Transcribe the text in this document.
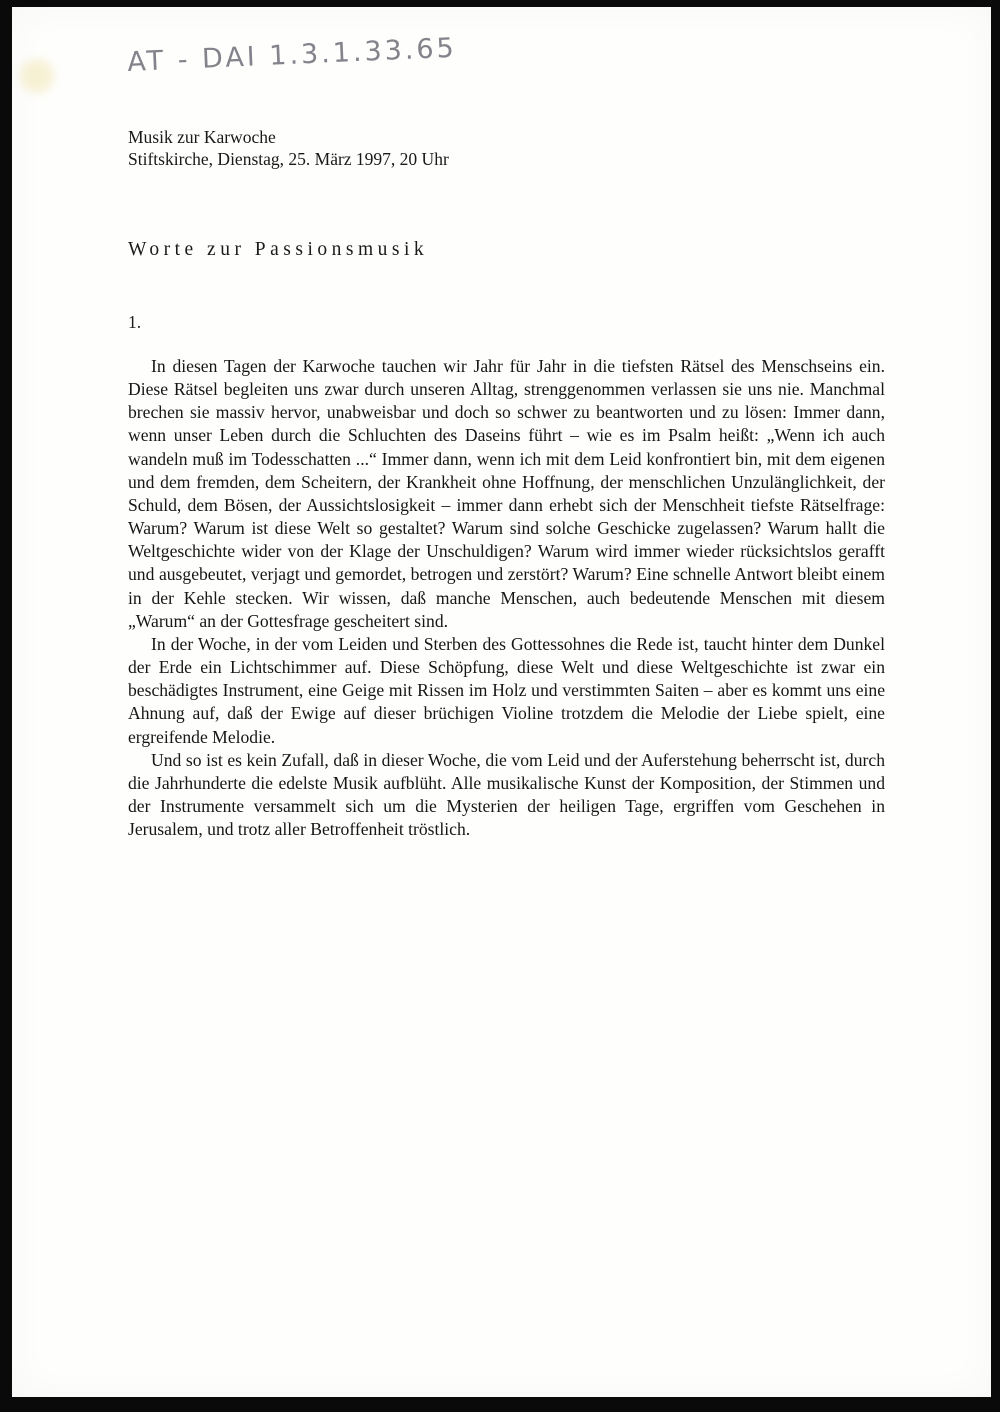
AT - DAI 1.3.1.33.65
Musik zur Karwoche
Stiftskirche, Dienstag, 25. März 1997, 20 Uhr
Worte zur Passionsmusik
1.

In diesen Tagen der Karwoche tauchen wir Jahr für Jahr in die tiefsten Rätsel des Menschseins ein. Diese Rätsel begleiten uns zwar durch unseren Alltag, strenggenommen verlassen sie uns nie. Manchmal brechen sie massiv hervor, unabweisbar und doch so schwer zu beantworten und zu lösen: Immer dann, wenn unser Leben durch die Schluchten des Daseins führt – wie es im Psalm heißt: „Wenn ich auch wandeln muß im Todesschatten ...“ Immer dann, wenn ich mit dem Leid konfrontiert bin, mit dem eigenen und dem fremden, dem Scheitern, der Krankheit ohne Hoffnung, der menschlichen Unzulänglichkeit, der Schuld, dem Bösen, der Aussichtslosigkeit – immer dann erhebt sich der Menschheit tiefste Rätselfrage: Warum? Warum ist diese Welt so gestaltet? Warum sind solche Geschicke zugelassen? Warum hallt die Weltgeschichte wider von der Klage der Unschuldigen? Warum wird immer wieder rücksichtslos gerafft und ausgebeutet, verjagt und gemordet, betrogen und zerstört? Warum? Eine schnelle Antwort bleibt einem in der Kehle stecken. Wir wissen, daß manche Menschen, auch bedeutende Menschen mit diesem „Warum“ an der Gottesfrage gescheitert sind.

In der Woche, in der vom Leiden und Sterben des Gottessohnes die Rede ist, taucht hinter dem Dunkel der Erde ein Lichtschimmer auf. Diese Schöpfung, diese Welt und diese Weltgeschichte ist zwar ein beschädigtes Instrument, eine Geige mit Rissen im Holz und verstimmten Saiten – aber es kommt uns eine Ahnung auf, daß der Ewige auf dieser brüchigen Violine trotzdem die Melodie der Liebe spielt, eine ergreifende Melodie.

Und so ist es kein Zufall, daß in dieser Woche, die vom Leid und der Auferstehung beherrscht ist, durch die Jahrhunderte die edelste Musik aufblüht. Alle musikalische Kunst der Komposition, der Stimmen und der Instrumente versammelt sich um die Mysterien der heiligen Tage, ergriffen vom Geschehen in Jerusalem, und trotz aller Betroffenheit tröstlich.
